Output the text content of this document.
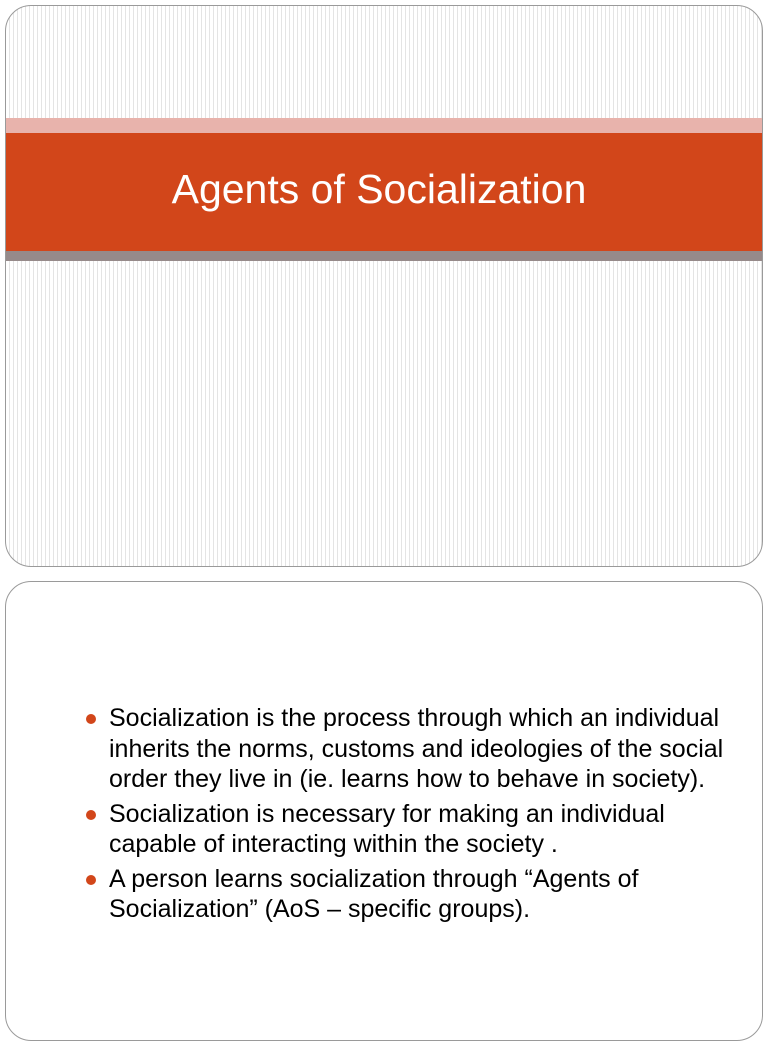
Agents of Socialization
Socialization is the process through which an individual inherits the norms, customs and ideologies of the social order they live in (ie. learns how to behave in society).
Socialization is necessary for making an individual capable of interacting within the society .
A person learns socialization through “Agents of Socialization” (AoS – specific groups).
